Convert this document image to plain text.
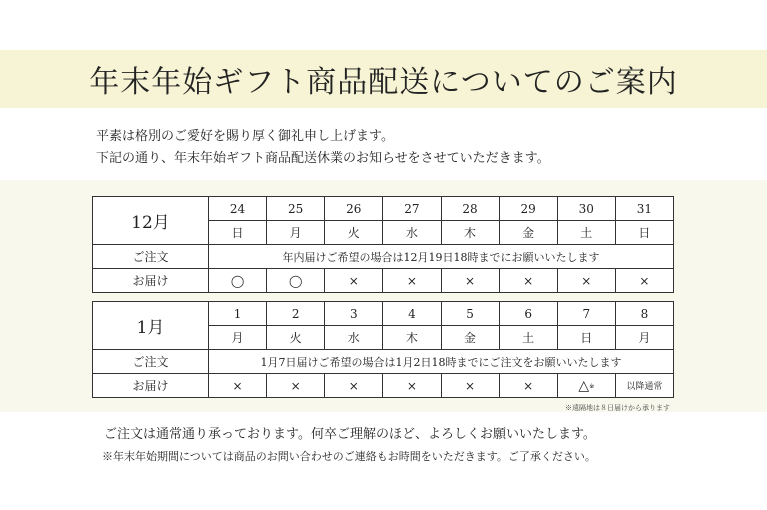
年末年始ギフト商品配送についてのご案内
平素は格別のご愛好を賜り厚く御礼申し上げます。
下記の通り、年末年始ギフト商品配送休業のお知らせをさせていただきます。
12月	24	25	26	27	28	29	30	31
	日	月	火	水	木	金	土	日
ご注文	年内届けご希望の場合は12月19日18時までにお願いいたします							
お届け	◯	◯	×	×	×	×	×	×
1月	1	2	3	4	5	6	7	8
	月	火	水	木	金	土	日	月
ご注文	1月7日届けご希望の場合は1月2日18時までにご注文をお願いいたします							
お届け	×	×	×	×	×	×	△※	以降通常
※遠隔地は８日届けから承ります
ご注文は通常通り承っております。何卒ご理解のほど、よろしくお願いいたします。
※年末年始期間については商品のお問い合わせのご連絡もお時間をいただきます。ご了承ください。
